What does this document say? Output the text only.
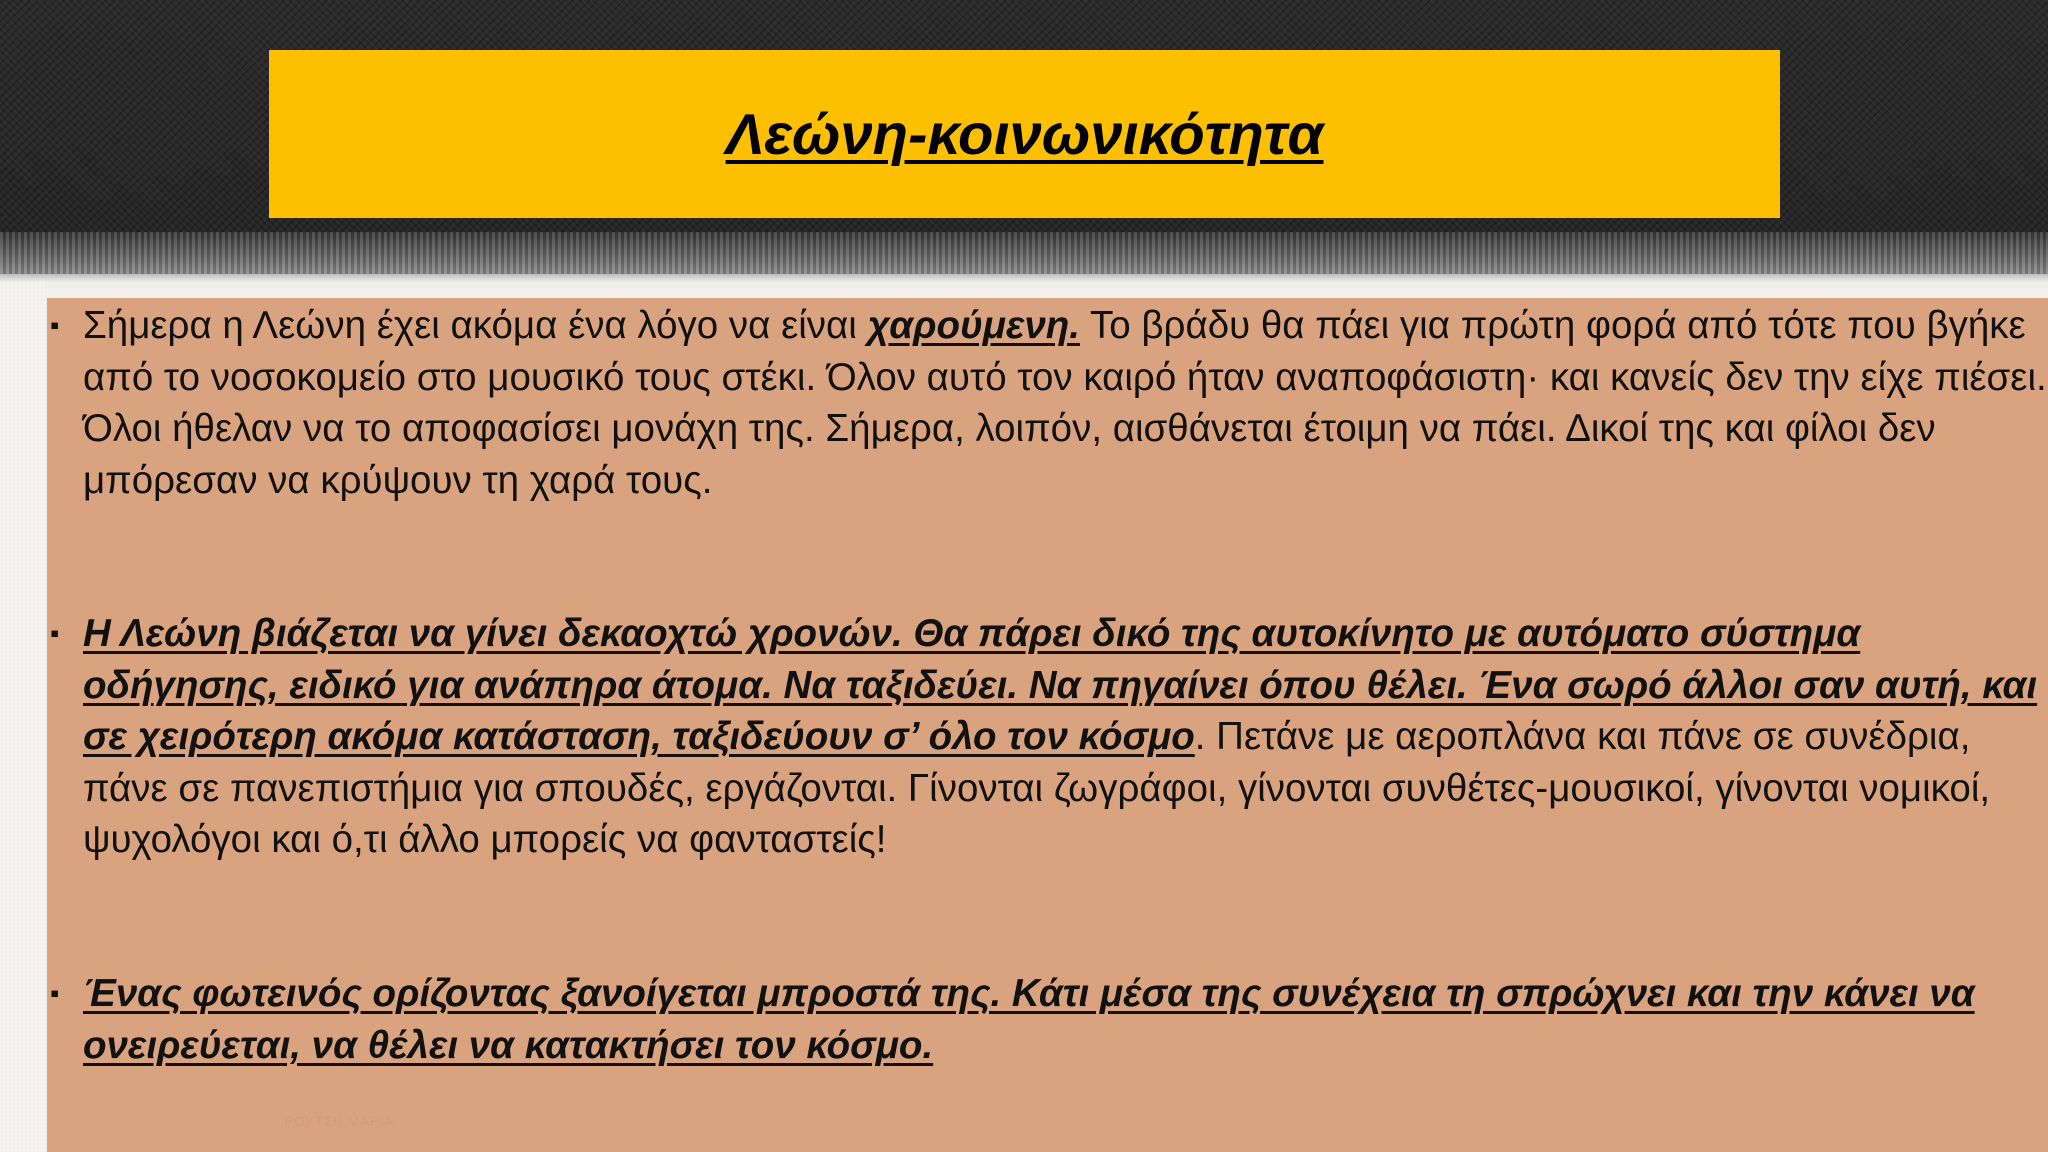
Λεώνη-κοινωνικότητα
▪ Σήμερα η Λεώνη έχει ακόμα ένα λόγο να είναι χαρούμενη. Το βράδυ θα πάει για πρώτη φορά από τότε που βγήκε από το νοσοκομείο στο μουσικό τους στέκι. Όλον αυτό τον καιρό ήταν αναποφάσιστη· και κανείς δεν την είχε πιέσει. Όλοι ήθελαν να το αποφασίσει μονάχη της. Σήμερα, λοιπόν, αισθάνεται έτοιμη να πάει. Δικοί της και φίλοι δεν μπόρεσαν να κρύψουν τη χαρά τους.
▪ Η Λεώνη βιάζεται να γίνει δεκαοχτώ χρονών. Θα πάρει δικό της αυτοκίνητο με αυτόματο σύστημα οδήγησης, ειδικό για ανάπηρα άτομα. Να ταξιδεύει. Να πηγαίνει όπου θέλει. Ένα σωρό άλλοι σαν αυτή, και σε χειρότερη ακόμα κατάσταση, ταξιδεύουν σ’ όλο τον κόσμο. Πετάνε με αεροπλάνα και πάνε σε συνέδρια, πάνε σε πανεπιστήμια για σπουδές, εργάζονται. Γίνονται ζωγράφοι, γίνονται συνθέτες-μουσικοί, γίνονται νομικοί, ψυχολόγοι και ό,τι άλλο μπορείς να φανταστείς!
▪ Ένας φωτεινός ορίζοντας ξανοίγεται μπροστά της. Κάτι μέσα της συνέχεια τη σπρώχνει και την κάνει να ονειρεύεται, να θέλει να κατακτήσει τον κόσμο.
ΡΟΥΤΣΗ ΜΑΡΙΑ
